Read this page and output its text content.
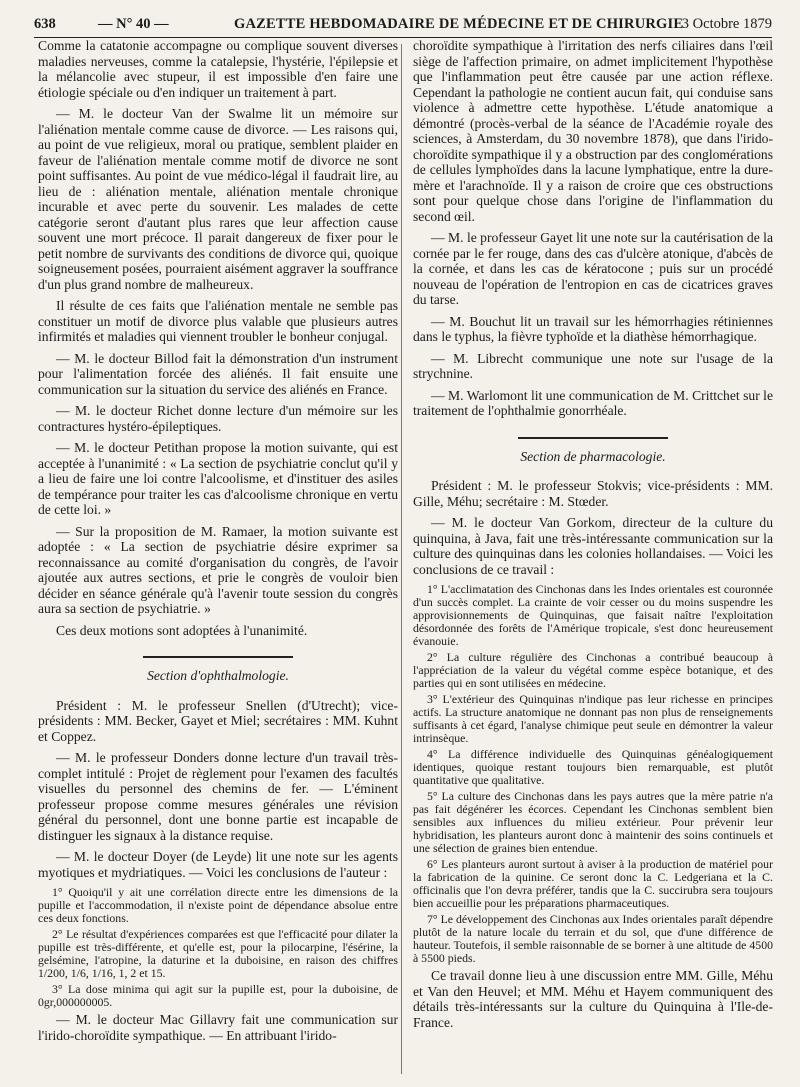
638	— N° 40 —	GAZETTE HEBDOMADAIRE DE MÉDECINE ET DE CHIRURGIE
3 Octobre 1879

Comme la catatonie accompagne ou complique souvent diverses maladies nerveuses, comme la catalepsie, l'hystérie, l'épilepsie et la mélancolie avec stupeur, il est impossible d'en faire une étiologie spéciale ou d'en indiquer un traitement à part.

— M. le docteur Van der Swalme lit un mémoire sur l'aliénation mentale comme cause de divorce. — Les raisons qui, au point de vue religieux, moral ou pratique, semblent plaider en faveur de l'aliénation mentale comme motif de divorce ne sont point suffisantes. Au point de vue médico-légal il faudrait lire, au lieu de : aliénation mentale, aliénation mentale chronique incurable et avec perte du souvenir. Les malades de cette catégorie seront d'autant plus rares que leur affection cause souvent une mort précoce. Il parait dangereux de fixer pour le petit nombre de survivants des conditions de divorce qui, quoique soigneusement posées, pourraient aisément aggraver la souffrance d'un plus grand nombre de malheureux.

Il résulte de ces faits que l'aliénation mentale ne semble pas constituer un motif de divorce plus valable que plusieurs autres infirmités et maladies qui viennent troubler le bonheur conjugal.

— M. le docteur Billod fait la démonstration d'un instrument pour l'alimentation forcée des aliénés. Il fait ensuite une communication sur la situation du service des aliénés en France.

— M. le docteur Richet donne lecture d'un mémoire sur les contractures hystéro-épileptiques.

— M. le docteur Petithan propose la motion suivante, qui est acceptée à l'unanimité : « La section de psychiatrie conclut qu'il y a lieu de faire une loi contre l'alcoolisme, et d'instituer des asiles de tempérance pour traiter les cas d'alcoolisme chronique en vertu de cette loi. »

— Sur la proposition de M. Ramaer, la motion suivante est adoptée : « La section de psychiatrie désire exprimer sa reconnaissance au comité d'organisation du congrès, de l'avoir ajoutée aux autres sections, et prie le congrès de vouloir bien décider en séance générale qu'à l'avenir toute session du congrès aura sa section de psychiatrie. »

Ces deux motions sont adoptées à l'unanimité.

Section d'ophthalmologie.

Président : M. le professeur Snellen (d'Utrecht); vice-présidents : MM. Becker, Gayet et Miel; secrétaires : MM. Kuhnt et Coppez.

— M. le professeur Donders donne lecture d'un travail très-complet intitulé : Projet de règlement pour l'examen des facultés visuelles du personnel des chemins de fer. — L'éminent professeur propose comme mesures générales une révision général du personnel, dont une bonne partie est incapable de distinguer les signaux à la distance requise.

— M. le docteur Doyer (de Leyde) lit une note sur les agents myotiques et mydriatiques. — Voici les conclusions de l'auteur :

1° Quoiqu'il y ait une corrélation directe entre les dimensions de la pupille et l'accommodation, il n'existe point de dépendance absolue entre ces deux fonctions.

2° Le résultat d'expériences comparées est que l'efficacité pour dilater la pupille est très-différente, et qu'elle est, pour la pilocarpine, l'ésérine, la gelsémine, l'atropine, la daturine et la duboisine, en raison des chiffres 1/200, 1/6, 1/16, 1, 2 et 15.

3° La dose minima qui agit sur la pupille est, pour la duboisine, de 0gr,000000005.

— M. le docteur Mac Gillavry fait une communication sur l'irido-choroïdite sympathique. — En attribuant l'irido-

choroïdite sympathique à l'irritation des nerfs ciliaires dans l'œil siège de l'affection primaire, on admet implicitement l'hypothèse que l'inflammation peut être causée par une action réflexe. Cependant la pathologie ne contient aucun fait, qui conduise sans violence à admettre cette hypothèse. L'étude anatomique a démontré (procès-verbal de la séance de l'Académie royale des sciences, à Amsterdam, du 30 novembre 1878), que dans l'irido-choroïdite sympathique il y a obstruction par des conglomérations de cellules lymphoïdes dans la lacune lymphatique, entre la dure-mère et l'arachnoïde. Il y a raison de croire que ces obstructions sont pour quelque chose dans l'origine de l'inflammation du second œil.

— M. le professeur Gayet lit une note sur la cautérisation de la cornée par le fer rouge, dans des cas d'ulcère atonique, d'abcès de la cornée, et dans les cas de kératocone ; puis sur un procédé nouveau de l'opération de l'entropion en cas de cicatrices graves du tarse.

— M. Bouchut lit un travail sur les hémorrhagies rétiniennes dans le typhus, la fièvre typhoïde et la diathèse hémorrhagique.

— M. Librecht communique une note sur l'usage de la strychnine.

— M. Warlomont lit une communication de M. Crittchet sur le traitement de l'ophthalmie gonorrhéale.

Section de pharmacologie.

Président : M. le professeur Stokvis; vice-présidents : MM. Gille, Méhu; secrétaire : M. Stœder.

— M. le docteur Van Gorkom, directeur de la culture du quinquina, à Java, fait une très-intéressante communication sur la culture des quinquinas dans les colonies hollandaises. — Voici les conclusions de ce travail :

1° L'acclimatation des Cinchonas dans les Indes orientales est couronnée d'un succès complet. La crainte de voir cesser ou du moins suspendre les approvisionnements de Quinquinas, que faisait naître l'exploitation désordonnée des forêts de l'Amérique tropicale, s'est donc heureusement évanouie.

2° La culture régulière des Cinchonas a contribué beaucoup à l'appréciation de la valeur du végétal comme espèce botanique, et des parties qui en sont utilisées en médecine.

3° L'extérieur des Quinquinas n'indique pas leur richesse en principes actifs. La structure anatomique ne donnant pas non plus de renseignements suffisants à cet égard, l'analyse chimique peut seule en démontrer la valeur intrinsèque.

4° La différence individuelle des Quinquinas généalogiquement identiques, quoique restant toujours bien remarquable, est plutôt quantitative que qualitative.

5° La culture des Cinchonas dans les pays autres que la mère patrie n'a pas fait dégénérer les écorces. Cependant les Cinchonas semblent bien sensibles aux influences du milieu extérieur. Pour prévenir leur hybridisation, les planteurs auront donc à maintenir des soins continuels et une sélection de graines bien entendue.

6° Les planteurs auront surtout à aviser à la production de matériel pour la fabrication de la quinine. Ce seront donc la C. Ledgeriana et la C. officinalis que l'on devra préférer, tandis que la C. succirubra sera toujours bien accueillie pour les préparations pharmaceutiques.

7° Le développement des Cinchonas aux Indes orientales paraît dépendre plutôt de la nature locale du terrain et du sol, que d'une différence de hauteur. Toutefois, il semble raisonnable de se borner à une altitude de 4500 à 5500 pieds.

Ce travail donne lieu à une discussion entre MM. Gille, Méhu et Van den Heuvel; et MM. Méhu et Hayem communiquent des détails très-intéressants sur la culture du Quinquina à l'Ile-de-France.
